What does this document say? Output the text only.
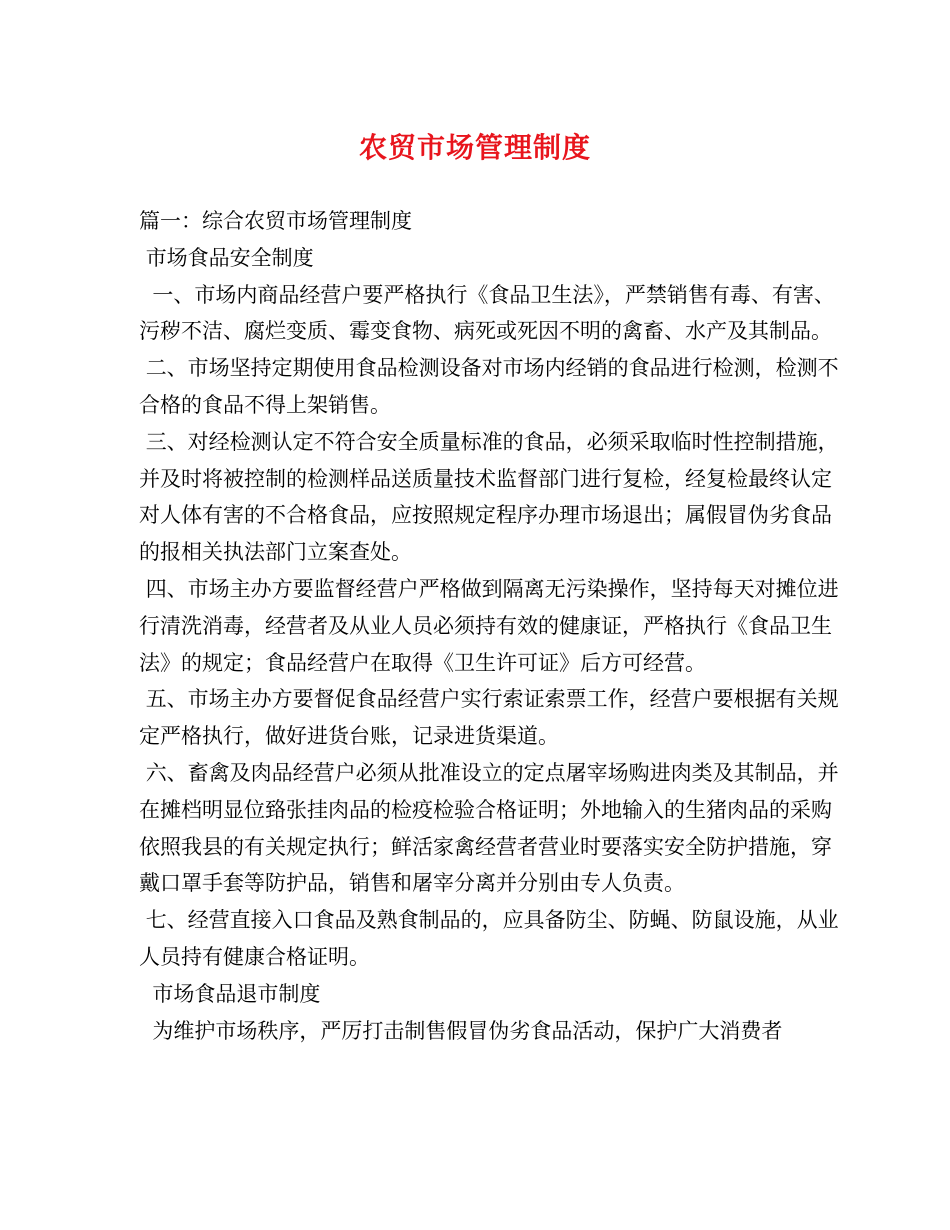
农贸市场管理制度

篇一：综合农贸市场管理制度

市场食品安全制度

一、市场内商品经营户要严格执行《食品卫生法》，严禁销售有毒、有害、污秽不洁、腐烂变质、霉变食物、病死或死因不明的禽畜、水产及其制品。

二、市场坚持定期使用食品检测设备对市场内经销的食品进行检测，检测不合格的食品不得上架销售。

三、对经检测认定不符合安全质量标准的食品，必须采取临时性控制措施，并及时将被控制的检测样品送质量技术监督部门进行复检，经复检最终认定对人体有害的不合格食品，应按照规定程序办理市场退出；属假冒伪劣食品的报相关执法部门立案查处。

四、市场主办方要监督经营户严格做到隔离无污染操作，坚持每天对摊位进行清洗消毒，经营者及从业人员必须持有效的健康证，严格执行《食品卫生法》的规定；食品经营户在取得《卫生许可证》后方可经营。

五、市场主办方要督促食品经营户实行索证索票工作，经营户要根据有关规定严格执行，做好进货台账，记录进货渠道。

六、畜禽及肉品经营户必须从批准设立的定点屠宰场购进肉类及其制品，并在摊档明显位臵张挂肉品的检疫检验合格证明；外地输入的生猪肉品的采购依照我县的有关规定执行；鲜活家禽经营者营业时要落实安全防护措施，穿戴口罩手套等防护品，销售和屠宰分离并分别由专人负责。

七、经营直接入口食品及熟食制品的，应具备防尘、防蝇、防鼠设施，从业人员持有健康合格证明。

市场食品退市制度

为维护市场秩序，严厉打击制售假冒伪劣食品活动，保护广大消费者
